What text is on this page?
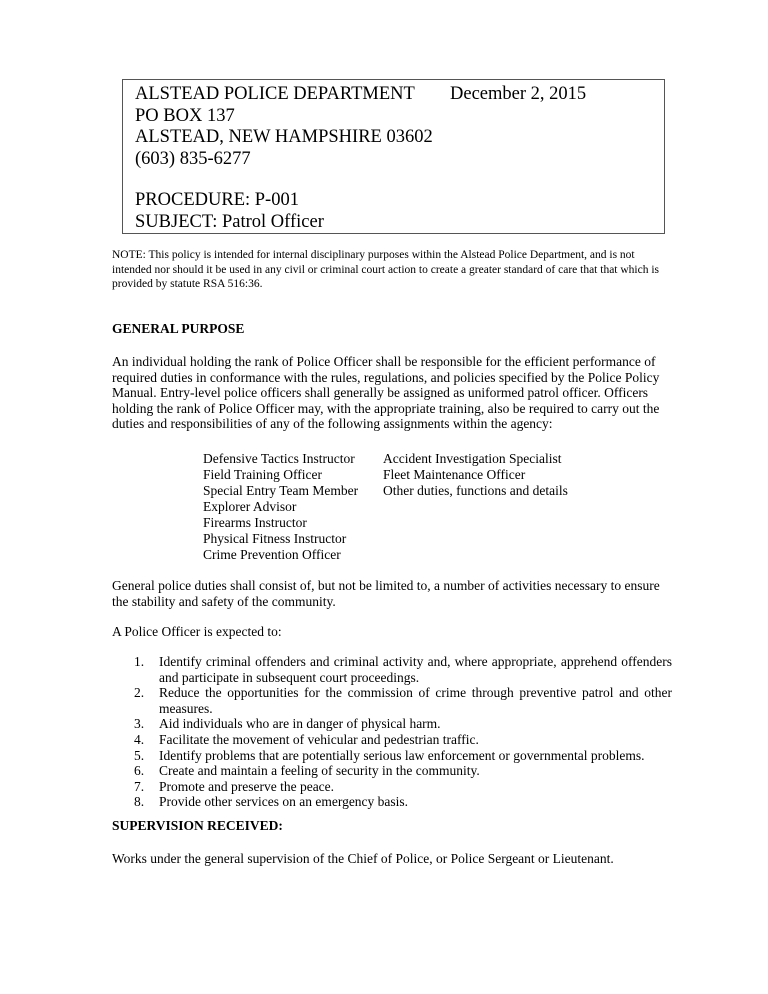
ALSTEAD POLICE DEPARTMENT
PO BOX 137
ALSTEAD, NEW HAMPSHIRE 03602
(603) 835-6277
PROCEDURE: P-001
SUBJECT: Patrol Officer
December 2, 2015
NOTE: This policy is intended for internal disciplinary purposes within the Alstead Police Department, and is not intended nor should it be used in any civil or criminal court action to create a greater standard of care that that which is provided by statute RSA 516:36.
GENERAL PURPOSE
An individual holding the rank of Police Officer shall be responsible for the efficient performance of required duties in conformance with the rules, regulations, and policies specified by the Police Policy Manual. Entry-level police officers shall generally be assigned as uniformed patrol officer. Officers holding the rank of Police Officer may, with the appropriate training, also be required to carry out the duties and responsibilities of any of the following assignments within the agency:
Defensive Tactics Instructor
Field Training Officer
Special Entry Team Member
Explorer Advisor
Firearms Instructor
Physical Fitness Instructor
Crime Prevention Officer
Accident Investigation Specialist
Fleet Maintenance Officer
Other duties, functions and details
General police duties shall consist of, but not be limited to, a number of activities necessary to ensure the stability and safety of the community.
A Police Officer is expected to:
1. Identify criminal offenders and criminal activity and, where appropriate, apprehend offenders and participate in subsequent court proceedings.
2. Reduce the opportunities for the commission of crime through preventive patrol and other measures.
3. Aid individuals who are in danger of physical harm.
4. Facilitate the movement of vehicular and pedestrian traffic.
5. Identify problems that are potentially serious law enforcement or governmental problems.
6. Create and maintain a feeling of security in the community.
7. Promote and preserve the peace.
8. Provide other services on an emergency basis.
SUPERVISION RECEIVED:
Works under the general supervision of the Chief of Police, or Police Sergeant or Lieutenant.
